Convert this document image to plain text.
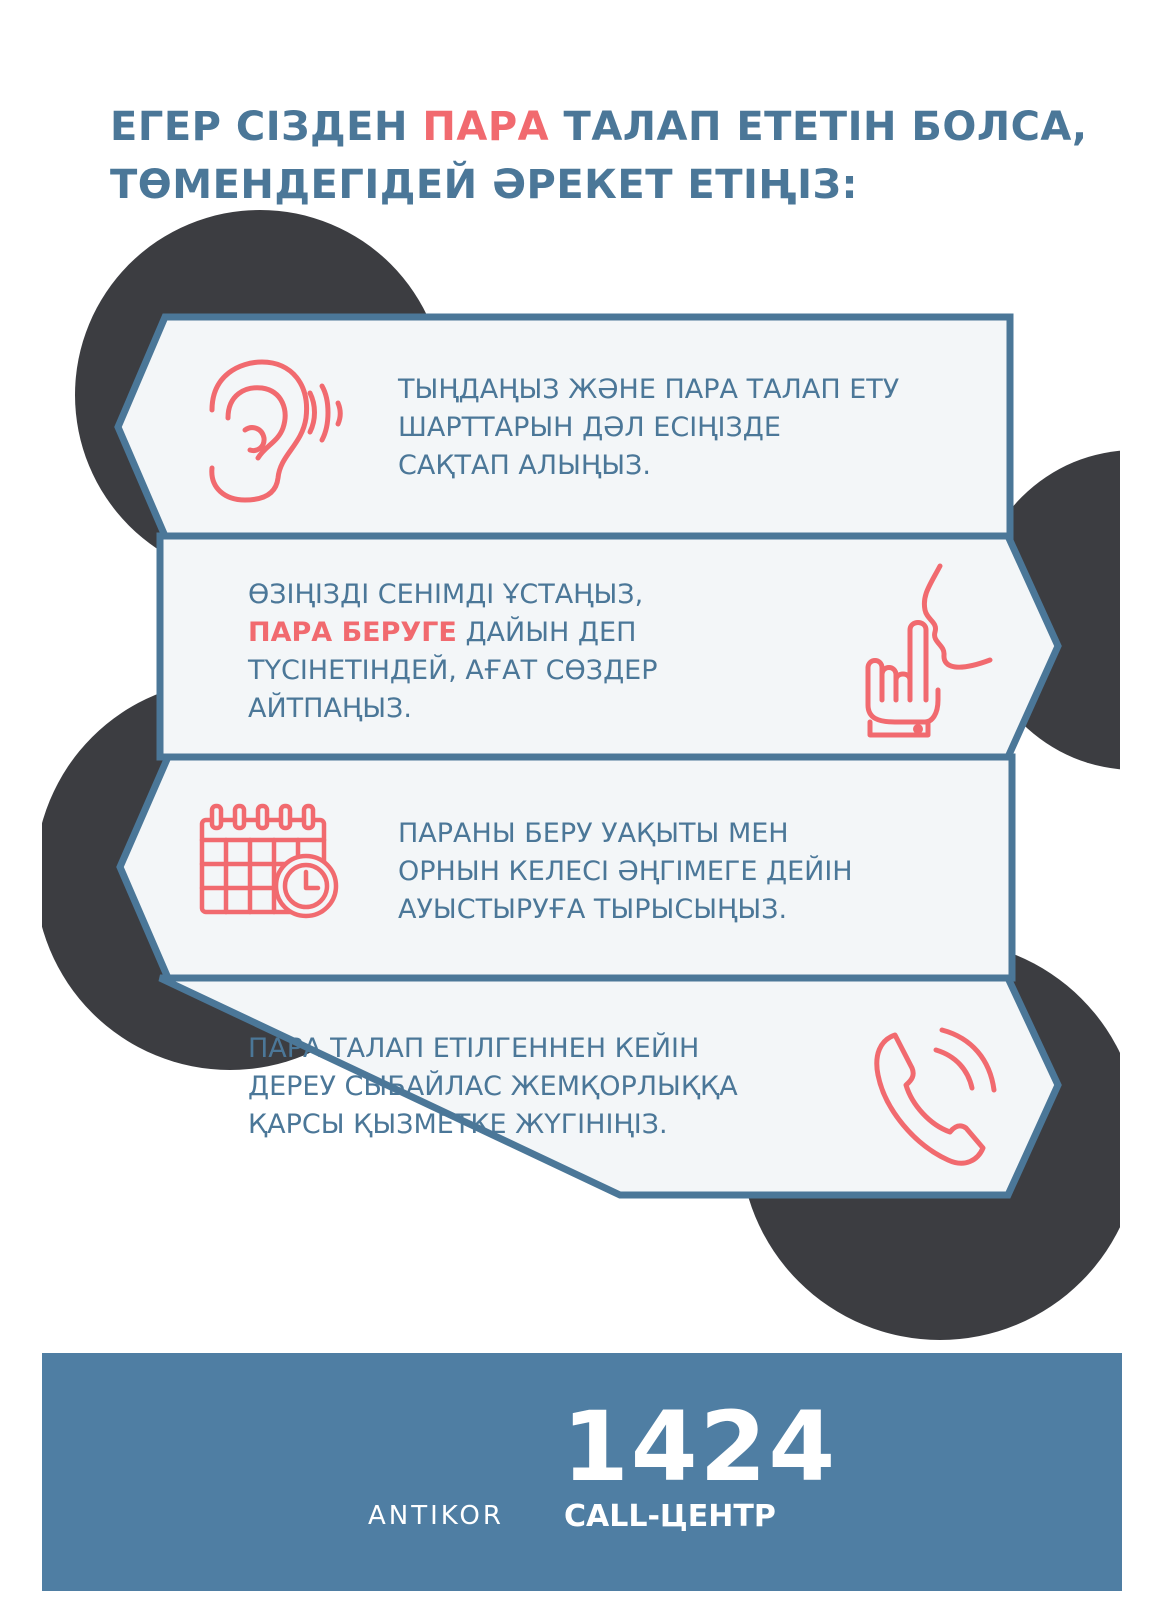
ЕГЕР СІЗДЕН ПАРА ТАЛАП ЕТЕТІН БОЛСА,
ТӨМЕНДЕГІДЕЙ ӘРЕКЕТ ЕТІҢІЗ:
ТЫҢДАҢЫЗ ЖӘНЕ ПАРА ТАЛАП ЕТУ
ШАРТТАРЫН ДӘЛ ЕСІҢІЗДЕ
САҚТАП АЛЫҢЫЗ.
ӨЗІҢІЗДІ СЕНІМДІ ҰСТАҢЫЗ,
ПАРА БЕРУГЕ ДАЙЫН ДЕП
ТҮСІНЕТІНДЕЙ, АҒАТ СӨЗДЕР
АЙТПАҢЫЗ.
ПАРАНЫ БЕРУ УАҚЫТЫ МЕН
ОРНЫН КЕЛЕСІ ӘҢГІМЕГЕ ДЕЙІН
АУЫСТЫРУҒА ТЫРЫСЫҢЫЗ.
ПАРА ТАЛАП ЕТІЛГЕННЕН КЕЙІН
ДЕРЕУ СЫБАЙЛАС ЖЕМҚОРЛЫҚҚА
ҚАРСЫ ҚЫЗМЕТКЕ ЖҮГІНІҢІЗ.
ANTIKOR
1424
CALL-ЦЕНТР
